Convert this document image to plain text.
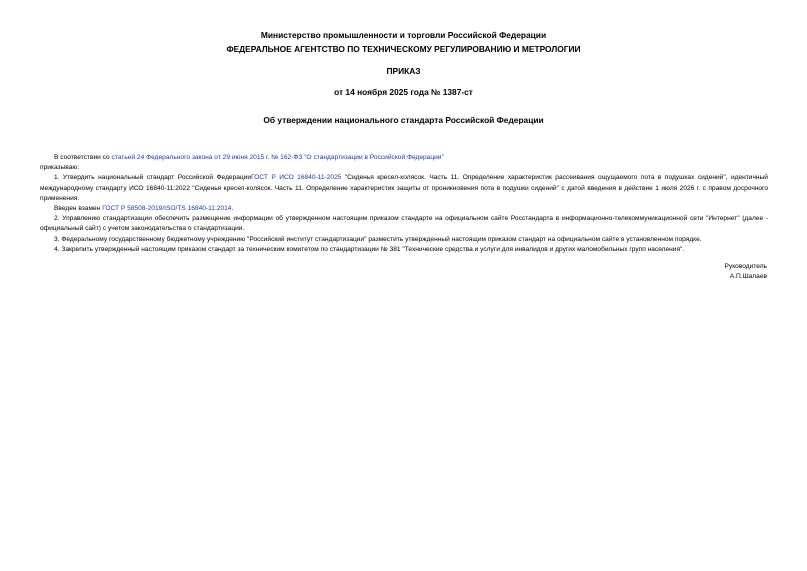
Министерство промышленности и торговли Российской Федерации
ФЕДЕРАЛЬНОЕ АГЕНТСТВО ПО ТЕХНИЧЕСКОМУ РЕГУЛИРОВАНИЮ И МЕТРОЛОГИИ
ПРИКАЗ
от 14 ноября 2025 года № 1387-ст
Об утверждении национального стандарта Российской Федерации

В соответствии со статьей 24 Федерального закона от 29 июня 2015 г. № 162-ФЗ "О стандартизации в Российской Федерации"

приказываю:

1. Утвердить национальный стандарт Российской ФедерацииГОСТ Р ИСО 16840-11-2025 "Сиденья кресел-колясок. Часть 11. Определение характеристик рассеивания ощущаемого пота в подушках сидений", идентичный международному стандарту ИСО 16840-11:2022 "Сиденья кресел-колясок. Часть 11. Определение характеристик защиты от проникновения пота в подушки сидений" с датой введения в действие 1 июля 2026 г. с правом досрочного применения.

Введен взамен ГОСТ Р 58508-2019/ISO/TS 16840-11:2014.

2. Управлению стандартизации обеспечить размещение информации об утвержденном настоящим приказом стандарте на официальном сайте Росстандарта в информационно-телекоммуникационной сети "Интернет" (далее - официальный сайт) с учетом законодательства о стандартизации.

3. Федеральному государственному бюджетному учреждению "Российский институт стандартизации" разместить утвержденный настоящим приказом стандарт на официальном сайте в установленном порядке.

4. Закрепить утвержденный настоящим приказом стандарт за техническим комитетом по стандартизации № 381 "Технические средства и услуги для инвалидов и других маломобильных групп населения".

Руководитель
А.П.Шалаев
